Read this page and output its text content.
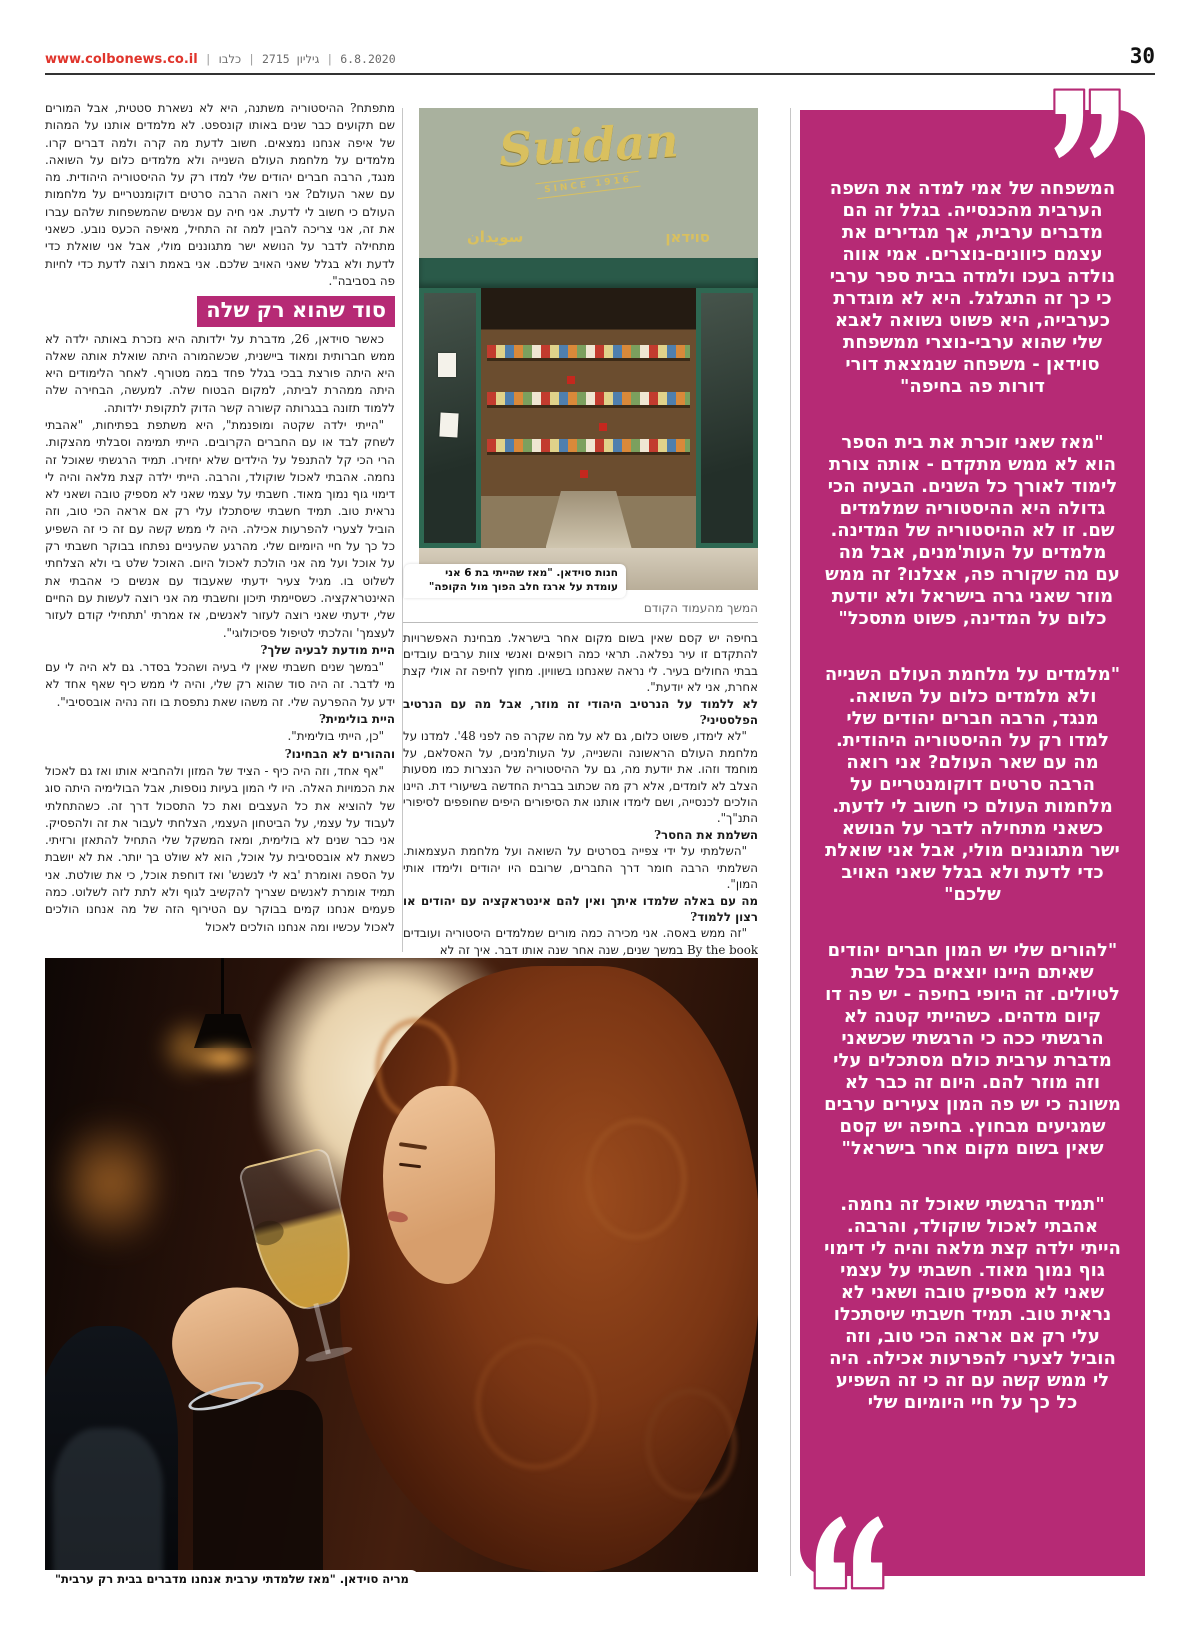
www.colbonews.co.il | כלבו | גיליון 2715 | 6.8.2020	30

מתפתח? ההיסטוריה משתנה, היא לא נשארת סטטית, אבל המורים שם תקועים כבר שנים באותו קונספט. לא מלמדים אותנו על המהות של איפה אנחנו נמצאים. חשוב לדעת מה קרה ולמה דברים קרו. מלמדים על מלחמת העולם השנייה ולא מלמדים כלום על השואה. מנגד, הרבה חברים יהודים שלי למדו רק על ההיסטוריה היהודית. מה עם שאר העולם? אני רואה הרבה סרטים דוקומנטריים על מלחמות העולם כי חשוב לי לדעת. אני חיה עם אנשים שהמשפחות שלהם עברו את זה, אני צריכה להבין למה זה התחיל, מאיפה הכעס נובע. כשאני מתחילה לדבר על הנושא ישר מתגוננים מולי, אבל אני שואלת כדי לדעת ולא בגלל שאני האויב שלכם. אני באמת רוצה לדעת כדי לחיות פה בסביבה".

סוד שהוא רק שלה

כאשר סוידאן, 26, מדברת על ילדותה היא נזכרת באותה ילדה לא ממש חברותית ומאוד ביישנית, שכשהמורה היתה שואלת אותה שאלה היא היתה פורצת בבכי בגלל פחד במה מטורף. לאחר הלימודים היא היתה ממהרת לביתה, למקום הבטוח שלה. למעשה, הבחירה שלה ללמוד תזונה בבגרותה קשורה קשר הדוק לתקופת ילדותה.

"הייתי ילדה שקטה ומופנמת", היא משתפת בפתיחות, "אהבתי לשחק לבד או עם החברים הקרובים. הייתי תמימה וסבלתי מהצקות. הרי הכי קל להתנפל על הילדים שלא יחזירו. תמיד הרגשתי שאוכל זה נחמה. אהבתי לאכול שוקולד, והרבה. הייתי ילדה קצת מלאה והיה לי דימוי גוף נמוך מאוד. חשבתי על עצמי שאני לא מספיק טובה ושאני לא נראית טוב. תמיד חשבתי שיסתכלו עלי רק אם אראה הכי טוב, וזה הוביל לצערי להפרעות אכילה. היה לי ממש קשה עם זה כי זה השפיע כל כך על חיי היומיום שלי. מהרגע שהעיניים נפתחו בבוקר חשבתי רק על אוכל ועל מה אני הולכת לאכול היום. האוכל שלט בי ולא הצלחתי לשלוט בו. מגיל צעיר ידעתי שאעבוד עם אנשים כי אהבתי את האינטראקציה. כשסיימתי תיכון וחשבתי מה אני רוצה לעשות עם החיים שלי, ידעתי שאני רוצה לעזור לאנשים, אז אמרתי 'תתחילי קודם לעזור לעצמך' והלכתי לטיפול פסיכולוגי".

היית מודעת לבעיה שלך?

"במשך שנים חשבתי שאין לי בעיה ושהכל בסדר. גם לא היה לי עם מי לדבר. זה היה סוד שהוא רק שלי, והיה לי ממש כיף שאף אחד לא ידע על ההפרעה שלי. זה משהו שאת נתפסת בו וזה נהיה אובססיבי".

היית בולימית?

"כן, הייתי בולימית".

וההורים לא הבחינו?

"אף אחד, וזה היה כיף - הציד של המזון ולהחביא אותו ואז גם לאכול את הכמויות האלה. היו לי המון בעיות נוספות, אבל הבולימיה היתה סוג של להוציא את כל העצבים ואת כל התסכול דרך זה. כשהתחלתי לעבוד על עצמי, על הביטחון העצמי, הצלחתי לעבור את זה ולהפסיק. אני כבר שנים לא בולימית, ומאז המשקל שלי התחיל להתאזן ורזיתי. כשאת לא אובססיבית על אוכל, הוא לא שולט בך יותר. את לא יושבת על הספה ואומרת 'בא לי לנשנש' ואז דוחפת אוכל, כי את שולטת. אני תמיד אומרת לאנשים שצריך להקשיב לגוף ולא לתת לזה לשלוט. כמה פעמים אנחנו קמים בבוקר עם הטירוף הזה של מה אנחנו הולכים לאכול עכשיו ומה אנחנו הולכים לאכול

Suidan
SINCE 1916
سويدان	סוידאן
חנות סוידאן. "מאז שהייתי בת 6 אני עומדת על ארגז חלב הפוך מול הקופה"
המשך מהעמוד הקודם

בחיפה יש קסם שאין בשום מקום אחר בישראל. מבחינת האפשרויות להתקדם זו עיר נפלאה. תראי כמה רופאים ואנשי צוות ערבים עובדים בבתי החולים בעיר. לי נראה שאנחנו בשוויון. מחוץ לחיפה זה אולי קצת אחרת, אני לא יודעת".

לא ללמוד על הנרטיב היהודי זה מוזר, אבל מה עם הנרטיב הפלסטיני?

"לא לימדו, פשוט כלום, גם לא על מה שקרה פה לפני 48'. למדנו על מלחמת העולם הראשונה והשנייה, על העות'מנים, על האסלאם, על מוחמד וזהו. את יודעת מה, גם על ההיסטוריה של הנצרות כמו מסעות הצלב לא לומדים, אלא רק מה שכתוב בברית החדשה בשיעורי דת. היינו הולכים לכנסייה, ושם לימדו אותנו את הסיפורים היפים שחופפים לסיפורי התנ"ך".

השלמת את החסר?

"השלמתי על ידי צפייה בסרטים על השואה ועל מלחמת העצמאות. השלמתי הרבה חומר דרך החברים, שרובם היו יהודים ולימדו אותי המון".

מה עם באלה שלמדו איתך ואין להם אינטראקציה עם יהודים או רצון ללמוד?

"זה ממש באסה. אני מכירה כמה מורים שמלמדים היסטוריה ועובדים By the book במשך שנים, שנה אחר שנה אותו דבר. איך זה לא

המשפחה של אמי למדה את השפה הערבית מהכנסייה. בגלל זה הם מדברים ערבית, אך מגדירים את עצמם כיוונים-נוצרים. אמי אווה נולדה בעכו ולמדה בבית ספר ערבי כי כך זה התגלגל. היא לא מוגדרת כערבייה, היא פשוט נשואה לאבא שלי שהוא ערבי-נוצרי ממשפחת סוידאן - משפחה שנמצאת דורי דורות פה בחיפה"

"מאז שאני זוכרת את בית הספר הוא לא ממש מתקדם - אותה צורת לימוד לאורך כל השנים. הבעיה הכי גדולה היא ההיסטוריה שמלמדים שם. זו לא ההיסטוריה של המדינה. מלמדים על העות'מנים, אבל מה עם מה שקורה פה, אצלנו? זה ממש מוזר שאני גרה בישראל ולא יודעת כלום על המדינה, פשוט מתסכל"

"מלמדים על מלחמת העולם השנייה ולא מלמדים כלום על השואה. מנגד, הרבה חברים יהודים שלי למדו רק על ההיסטוריה היהודית. מה עם שאר העולם? אני רואה הרבה סרטים דוקומנטריים על מלחמות העולם כי חשוב לי לדעת. כשאני מתחילה לדבר על הנושא ישר מתגוננים מולי, אבל אני שואלת כדי לדעת ולא בגלל שאני האויב שלכם"

"להורים שלי יש המון חברים יהודים שאיתם היינו יוצאים בכל שבת לטיולים. זה היופי בחיפה - יש פה דו קיום מדהים. כשהייתי קטנה לא הרגשתי ככה כי הרגשתי שכשאני מדברת ערבית כולם מסתכלים עלי וזה מוזר להם. היום זה כבר לא משונה כי יש פה המון צעירים ערבים שמגיעים מבחוץ. בחיפה יש קסם שאין בשום מקום אחר בישראל"

"תמיד הרגשתי שאוכל זה נחמה. אהבתי לאכול שוקולד, והרבה. הייתי ילדה קצת מלאה והיה לי דימוי גוף נמוך מאוד. חשבתי על עצמי שאני לא מספיק טובה ושאני לא נראית טוב. תמיד חשבתי שיסתכלו עלי רק אם אראה הכי טוב, וזה הוביל לצערי להפרעות אכילה. היה לי ממש קשה עם זה כי זה השפיע כל כך על חיי היומיום שלי

מריה סוידאן. "מאז שלמדתי ערבית אנחנו מדברים בבית רק ערבית"
